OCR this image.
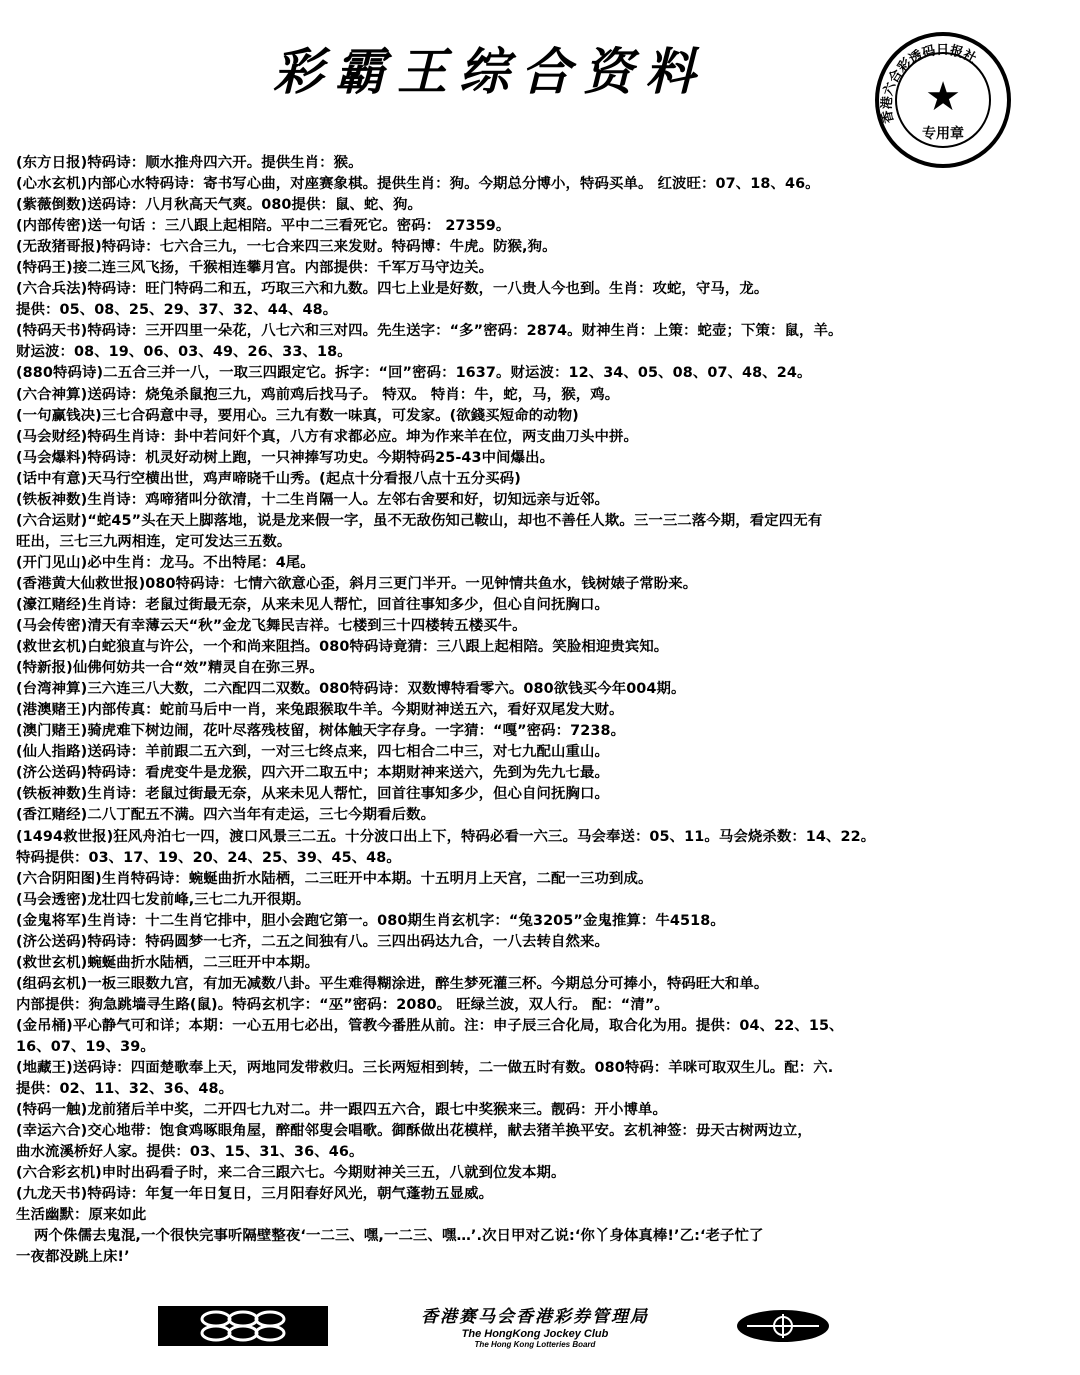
彩霸王综合资料
香港六合彩透码日报社
★
专用章
(东方日报)特码诗：顺水推舟四六开。提供生肖：猴。
(心水玄机)内部心水特码诗：寄书写心曲，对座赛象棋。提供生肖：狗。今期总分博小，特码买单。 红波旺：07、18、46。
(紫薇倒数)送码诗：八月秋高天气爽。080提供：鼠、蛇、狗。
(内部传密)送一句话 ：三八跟上起相陪。平中二三看死它。密码： 27359。
(无敌猪哥报)特码诗：七六合三九，一七合来四三来发财。特码博：牛虎。防猴,狗。
(特码王)接二连三风飞扬，千猴相连攀月宫。内部提供：千军万马守边关。
(六合兵法)特码诗：旺门特码二和五，巧取三六和九数。四七上业是好数，一八贵人今也到。生肖：攻蛇，守马，龙。
提供：05、08、25、29、37、32、44、48。
(特码天书)特码诗：三开四里一朵花，八七六和三对四。先生送字：“多”密码：2874。财神生肖：上策：蛇壶；下策：鼠，羊。
财运波：08、19、06、03、49、26、33、18。
(880特码诗)二五合三并一八，一取三四跟定它。拆字：“回”密码：1637。财运波：12、34、05、08、07、48、24。
(六合神算)送码诗：烧兔杀鼠抱三九，鸡前鸡后找马子。 特双。 特肖：牛，蛇，马，猴，鸡。
(一句赢钱决)三七合码意中寻，要用心。三九有数一味真，可发家。(欲錢买短命的动物)
(马会财经)特码生肖诗：卦中若问奸个真，八方有求都必应。坤为作来羊在位，两支曲刀头中拼。
(马会爆料)特码诗：机灵好动树上跑，一只神捧写功史。今期特码25-43中间爆出。
(话中有意)天马行空横出世，鸡声啼晓千山秀。(起点十分看报八点十五分买码)
(铁板神数)生肖诗：鸡啼猪叫分欲清，十二生肖隔一人。左邻右舍要和好，切知远亲与近邻。
(六合运财)“蛇45”头在天上脚落地，说是龙来假一字，虽不无敌伤知己鞍山，却也不善任人欺。三一三二落今期，看定四无有
旺出，三七三九两相连，定可发达三五数。
(开门见山)必中生肖：龙马。不出特尾：4尾。
(香港黄大仙救世报)080特码诗：七情六欲意心歪，斜月三更门半开。一见钟情共鱼水，钱树婊子常盼来。
(濠江赌经)生肖诗：老鼠过街最无奈，从来未见人帮忙，回首往事知多少，但心自问抚胸口。
(马会传密)清天有幸薄云天“秋”金龙飞舞民吉祥。七楼到三十四楼转五楼买牛。
(救世玄机)白蛇狼直与许公，一个和尚来阻挡。080特码诗竟猜：三八跟上起相陪。笑脸相迎贵宾知。
(特新报)仙佛何妨共一合“效”精灵自在弥三界。
(台湾神算)三六连三八大数，二六配四二双数。080特码诗：双数博特看零六。080欲钱买今年004期。
(港澳赌王)内部传真：蛇前马后中一肖，来兔跟猴取牛羊。今期财神送五六，看好双尾发大财。
(澳门赌王)骑虎难下树边闹，花叶尽落残枝留，树体触天字存身。一字猜：“嘎”密码：7238。
(仙人指路)送码诗：羊前跟二五六到，一对三七终点来，四七相合二中三，对七九配山重山。
(济公送码)特码诗：看虎变牛是龙猴，四六开二取五中；本期财神来送六，先到为先九七最。
(铁板神数)生肖诗：老鼠过街最无奈，从来未见人帮忙，回首往事知多少，但心自问抚胸口。
(香江赌经)二八丁配五不满。四六当年有走运，三七今期看后数。
(1494救世报)狂风舟泊七一四，渡口风景三二五。十分波口出上下，特码必看一六三。马会奉送：05、11。马会烧杀数：14、22。
特码提供：03、17、19、20、24、25、39、45、48。
(六合阴阳图)生肖特码诗：蜿蜒曲折水陆栖，二三旺开中本期。十五明月上天宫，二配一三功到成。
(马会透密)龙壮四七发前峰,三七二九开很期。
(金鬼将军)生肖诗：十二生肖它排中，胆小会跑它第一。080期生肖玄机字：“兔3205”金鬼推算：牛4518。
(济公送码)特码诗：特码圆梦一七齐，二五之间独有八。三四出码达九合，一八去转自然来。
(救世玄机)蜿蜒曲折水陆栖，二三旺开中本期。
(组码玄机)一板三眼数九宫，有加无减数八卦。平生难得糊涂进，醉生梦死灌三杯。今期总分可捧小，特码旺大和单。
内部提供：狗急跳墙寻生路(鼠)。特码玄机字：“巫”密码：2080。 旺绿兰波，双人行。 配：“清”。
(金吊桶)平心静气可和详；本期：一心五用七必出，管教今番胜从前。注：申子辰三合化局，取合化为用。提供：04、22、15、
16、07、19、39。
(地藏王)送码诗：四面楚歌奉上天，两地同发带救归。三长两短相到转，二一做五时有数。080特码：羊咪可取双生儿。配：六.
提供：02、11、32、36、48。
(特码一触)龙前猪后羊中奖，二开四七九对二。井一跟四五六合，跟七中奖猴来三。靓码：开小博单。
(幸运六合)交心地带：饱食鸡啄眼角屋，醉酣邻叟会唱歌。御酥做出花模样，献去猪羊换平安。玄机神签：毋天古树两边立，
曲水流溪桥好人家。提供：03、15、31、36、46。
(六合彩玄机)申时出码看子时，来二合三跟六七。今期财神关三五，八就到位发本期。
(九龙天书)特码诗：年复一年日复日，三月阳春好风光，朝气蓬勃五显威。
生活幽默：原来如此
两个侏儒去鬼混,一个很快完事听隔壁整夜‘一二三、嘿,一二三、嘿…’.次日甲对乙说:‘你丫身体真棒!’乙:‘老子忙了
一夜都没跳上床!’
香港赛马会香港彩券管理局
The HongKong Jockey Club
The Hong Kong Lotteries Board
